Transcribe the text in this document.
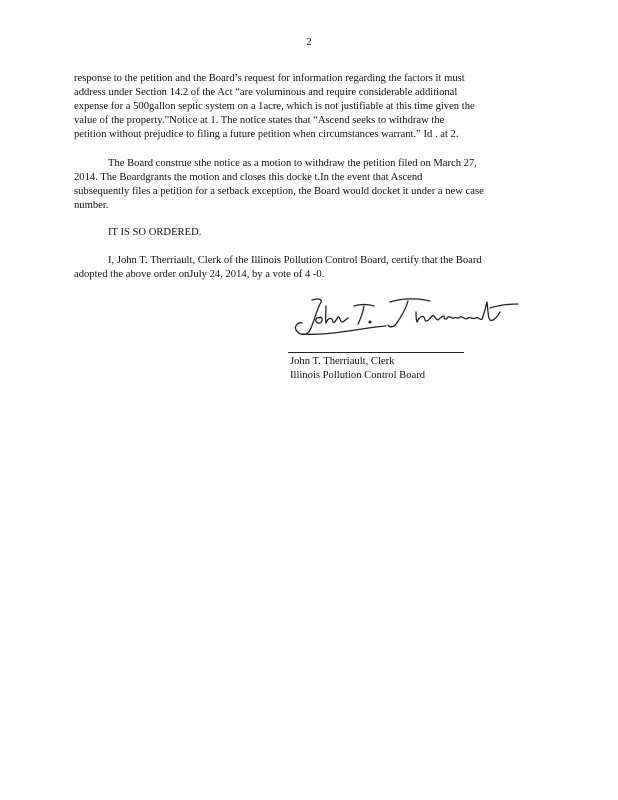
2
response to the petition and the Board’s request for information regarding the factors it must
address under Section 14.2 of the Act “are voluminous and require considerable additional
expense for a 500gallon septic system on a 1acre, which is not justifiable at this time given the
value of the property.”Notice at 1. The notice states that “Ascend seeks to withdraw the
petition without prejudice to filing a future petition when circumstances warrant.” Id . at 2.
The Board construe sthe notice as a motion to withdraw the petition filed on March 27,
2014. The Boardgrants the motion and closes this docke t.In the event that Ascend
subsequently files a petition for a setback exception, the Board would docket it under a new case
number.
IT IS SO ORDERED.
I, John T. Therriault, Clerk of the Illinois Pollution Control Board, certify that the Board
adopted the above order onJuly 24, 2014, by a vote of 4 -0.
John T. Therriault, Clerk
Illinois Pollution Control Board
